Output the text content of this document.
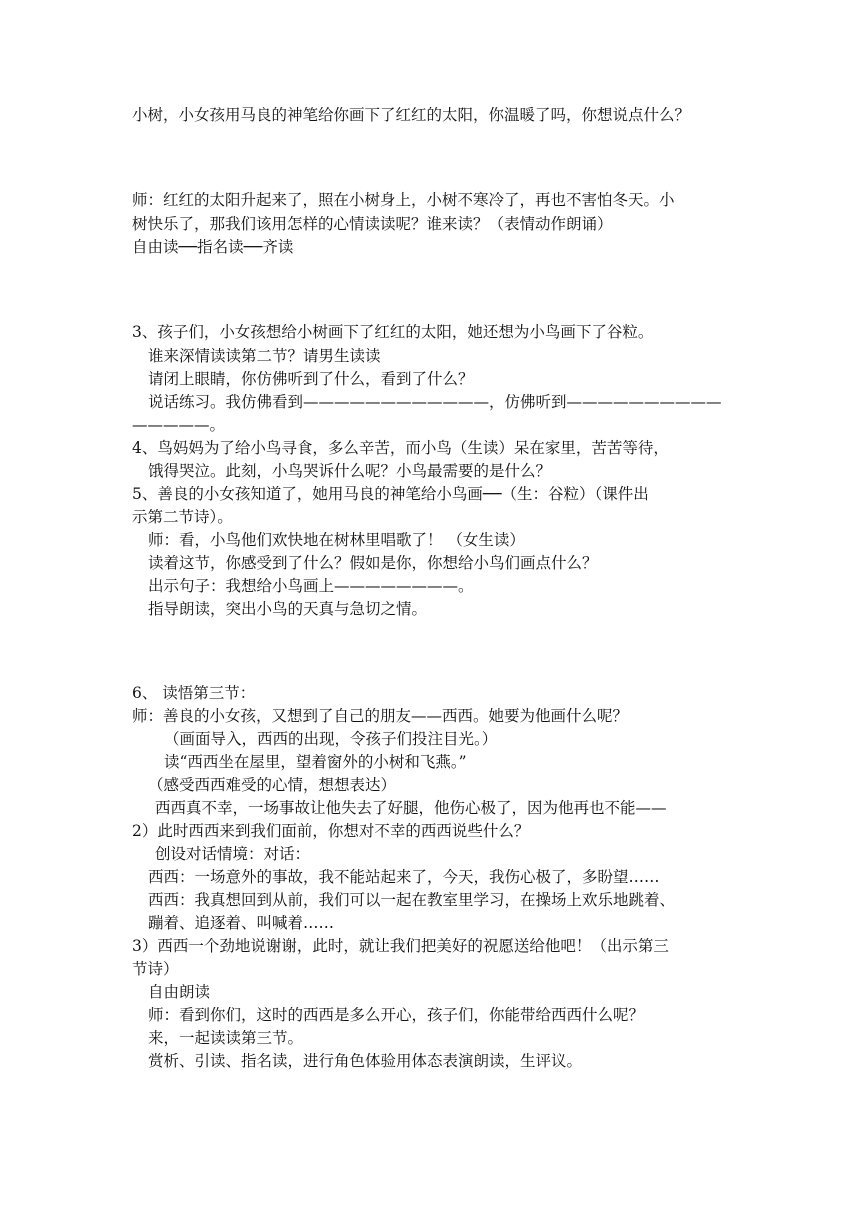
小树，小女孩用马良的神笔给你画下了红红的太阳，你温暖了吗，你想说点什么？
师：红红的太阳升起来了，照在小树身上，小树不寒冷了，再也不害怕冬天。小
树快乐了，那我们该用怎样的心情读读呢？谁来读？（表情动作朗诵）
自由读──指名读──齐读
3、孩子们，小女孩想给小树画下了红红的太阳，她还想为小鸟画下了谷粒。
谁来深情读读第二节？请男生读读
请闭上眼睛，你仿佛听到了什么，看到了什么？
说话练习。我仿佛看到————————————，仿佛听到——————————
—————。
4、鸟妈妈为了给小鸟寻食，多么辛苦，而小鸟（生读）呆在家里，苦苦等待，
饿得哭泣。此刻，小鸟哭诉什么呢？小鸟最需要的是什么？
5、善良的小女孩知道了，她用马良的神笔给小鸟画──（生：谷粒）（课件出
示第二节诗）。
师：看，小鸟他们欢快地在树林里唱歌了！ （女生读）
读着这节，你感受到了什么？假如是你，你想给小鸟们画点什么？
出示句子：我想给小鸟画上————————。
指导朗读，突出小鸟的天真与急切之情。
6、 读悟第三节：
师：善良的小女孩，又想到了自己的朋友——西西。她要为他画什么呢？
（画面导入，西西的出现，令孩子们投注目光。）
读“西西坐在屋里，望着窗外的小树和飞燕。”
（感受西西难受的心情，想想表达）
西西真不幸，一场事故让他失去了好腿，他伤心极了，因为他再也不能——
2）此时西西来到我们面前，你想对不幸的西西说些什么？
创设对话情境：对话：
西西：一场意外的事故，我不能站起来了，今天，我伤心极了，多盼望……
西西：我真想回到从前，我们可以一起在教室里学习，在操场上欢乐地跳着、
蹦着、追逐着、叫喊着……
3）西西一个劲地说谢谢，此时，就让我们把美好的祝愿送给他吧！（出示第三
节诗）
自由朗读
师：看到你们，这时的西西是多么开心，孩子们，你能带给西西什么呢？
来，一起读读第三节。
赏析、引读、指名读，进行角色体验用体态表演朗读，生评议。
